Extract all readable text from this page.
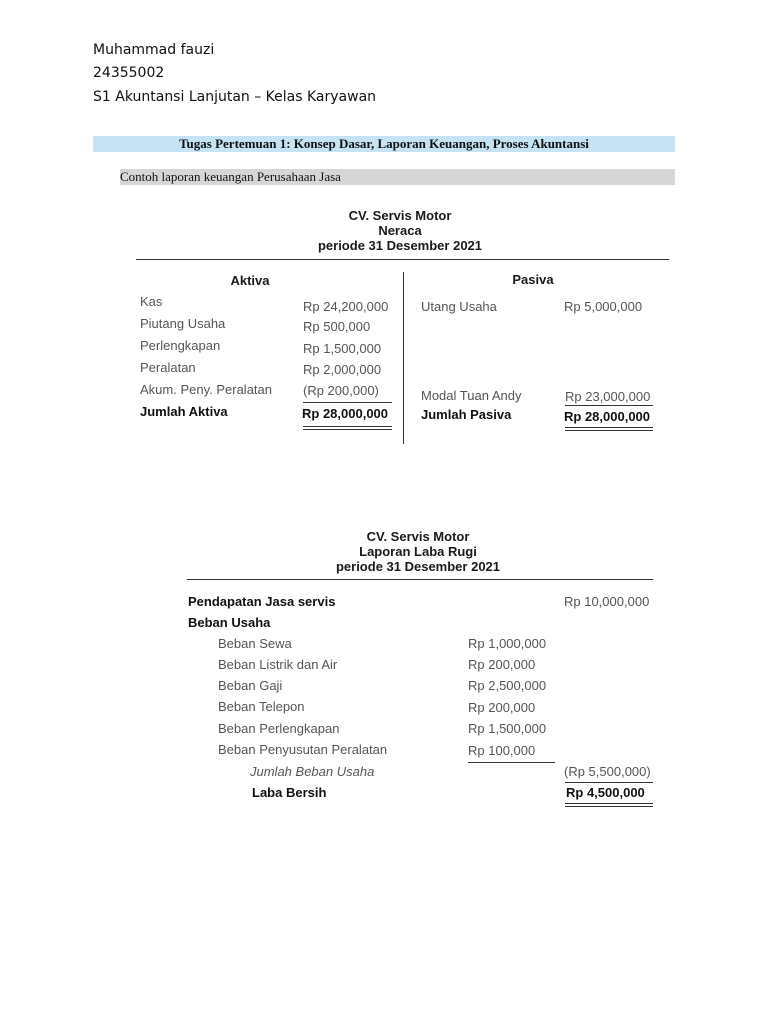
Muhammad fauzi
24355002
S1 Akuntansi Lanjutan – Kelas Karyawan
Tugas Pertemuan 1: Konsep Dasar, Laporan Keuangan, Proses Akuntansi
Contoh laporan keuangan Perusahaan Jasa
CV. Servis Motor
Neraca
periode 31 Desember 2021
Aktiva	Pasiva
Kas	Rp 24,200,000
Piutang Usaha	Rp 500,000
Perlengkapan	Rp 1,500,000
Peralatan	Rp 2,000,000
Akum. Peny. Peralatan (Rp 200,000)
Jumlah Aktiva	Rp 28,000,000
Utang Usaha	Rp 5,000,000
Modal Tuan Andy	Rp 23,000,000
Jumlah Pasiva	Rp 28,000,000
CV. Servis Motor
Laporan Laba Rugi
periode 31 Desember 2021
Pendapatan Jasa servis	Rp 10,000,000
Beban Usaha
Beban Sewa	Rp 1,000,000
Beban Listrik dan Air	Rp 200,000
Beban Gaji	Rp 2,500,000
Beban Telepon	Rp 200,000
Beban Perlengkapan	Rp 1,500,000
Beban Penyusutan Peralatan	Rp 100,000
Jumlah Beban Usaha	(Rp 5,500,000)
Laba Bersih	Rp 4,500,000
